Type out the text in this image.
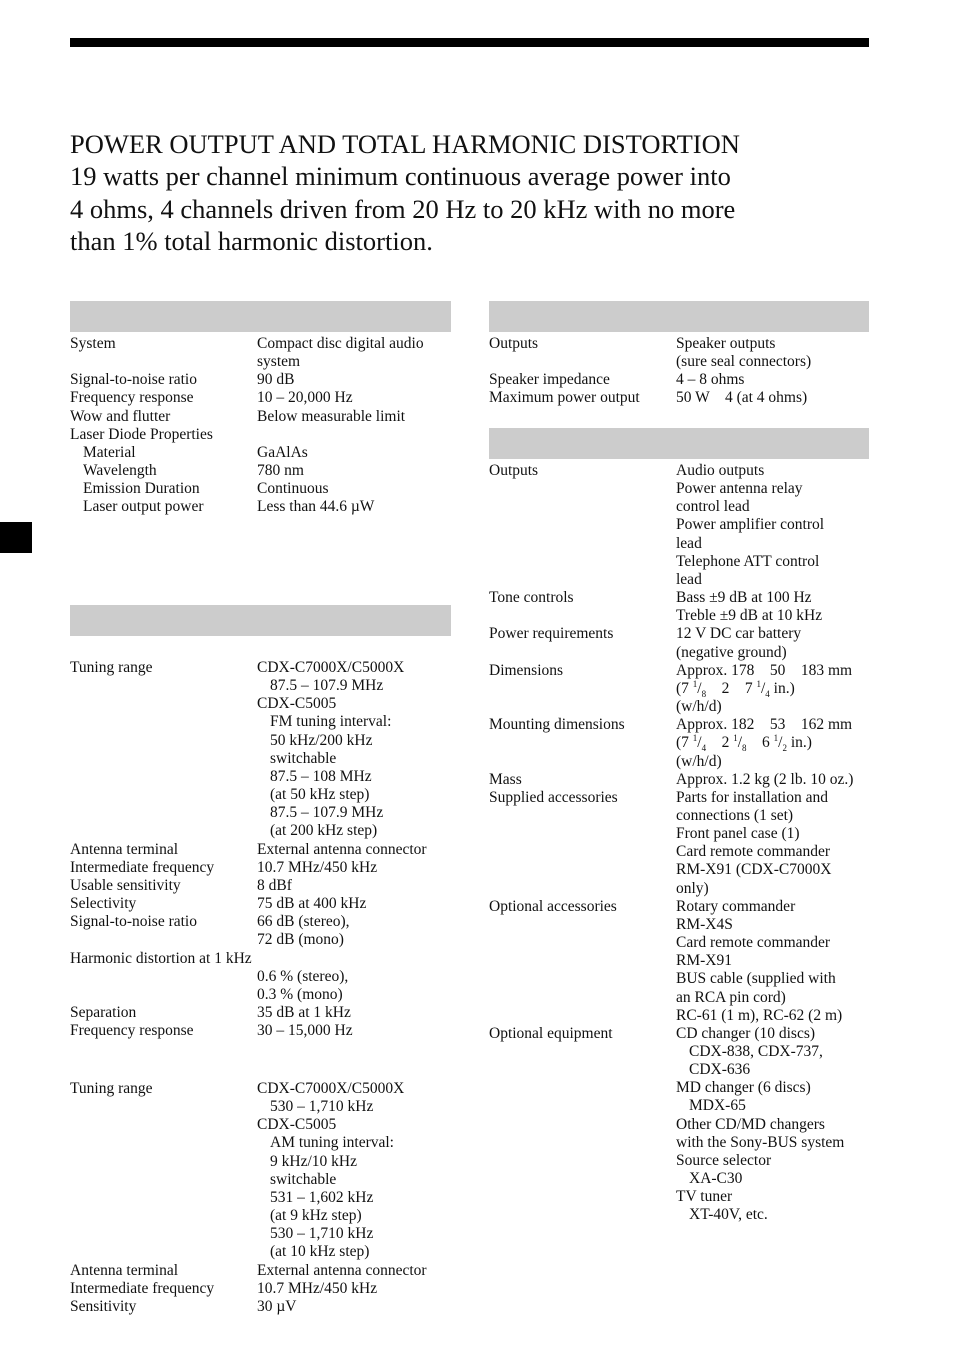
POWER OUTPUT AND TOTAL HARMONIC DISTORTION
19 watts per channel minimum continuous average power into
4 ohms, 4 channels driven from 20 Hz to 20 kHz with no more
than 1% total harmonic distortion.
System	Compact disc digital audio
system
Signal-to-noise ratio	90 dB
Frequency response	10 – 20,000 Hz
Wow and flutter	Below measurable limit
Laser Diode Properties
Material	GaAlAs
Wavelength	780 nm
Emission Duration	Continuous
Laser output power	Less than 44.6 µW
Tuning range	CDX-C7000X/C5000X
87.5 – 107.9 MHz
CDX-C5005
FM tuning interval:
50 kHz/200 kHz
switchable
87.5 – 108 MHz
(at 50 kHz step)
87.5 – 107.9 MHz
(at 200 kHz step)
Antenna terminal	External antenna connector
Intermediate frequency	10.7 MHz/450 kHz
Usable sensitivity	8 dBf
Selectivity	75 dB at 400 kHz
Signal-to-noise ratio	66 dB (stereo),
72 dB (mono)
Harmonic distortion at 1 kHz
0.6 % (stereo),
0.3 % (mono)
Separation	35 dB at 1 kHz
Frequency response	30 – 15,000 Hz
Tuning range	CDX-C7000X/C5000X
530 – 1,710 kHz
CDX-C5005
AM tuning interval:
9 kHz/10 kHz
switchable
531 – 1,602 kHz
(at 9 kHz step)
530 – 1,710 kHz
(at 10 kHz step)
Antenna terminal	External antenna connector
Intermediate frequency	10.7 MHz/450 kHz
Sensitivity	30 µV
Outputs	Speaker outputs
(sure seal connectors)
Speaker impedance	4 – 8 ohms
Maximum power output	50 W    4 (at 4 ohms)
Outputs	Audio outputs
Power antenna relay
control lead
Power amplifier control
lead
Telephone ATT control
lead
Tone controls	Bass ±9 dB at 100 Hz
Treble ±9 dB at 10 kHz
Power requirements	12 V DC car battery
(negative ground)
Dimensions	Approx. 178    50    183 mm
(7 $^1/_8$    2    7 $^1/_4$ in.)
(w/h/d)
Mounting dimensions	Approx. 182    53    162 mm
(7 $^1/_4$    2 $^1/_8$    6 $^1/_2$ in.)
(w/h/d)
Mass	Approx. 1.2 kg (2 lb. 10 oz.)
Supplied accessories	Parts for installation and
connections (1 set)
Front panel case (1)
Card remote commander
RM-X91 (CDX-C7000X
only)
Optional accessories	Rotary commander
RM-X4S
Card remote commander
RM-X91
BUS cable (supplied with
an RCA pin cord)
RC-61 (1 m), RC-62 (2 m)
Optional equipment	CD changer (10 discs)
CDX-838, CDX-737,
CDX-636
MD changer (6 discs)
MDX-65
Other CD/MD changers
with the Sony-BUS system
Source selector
XA-C30
TV tuner
XT-40V, etc.
